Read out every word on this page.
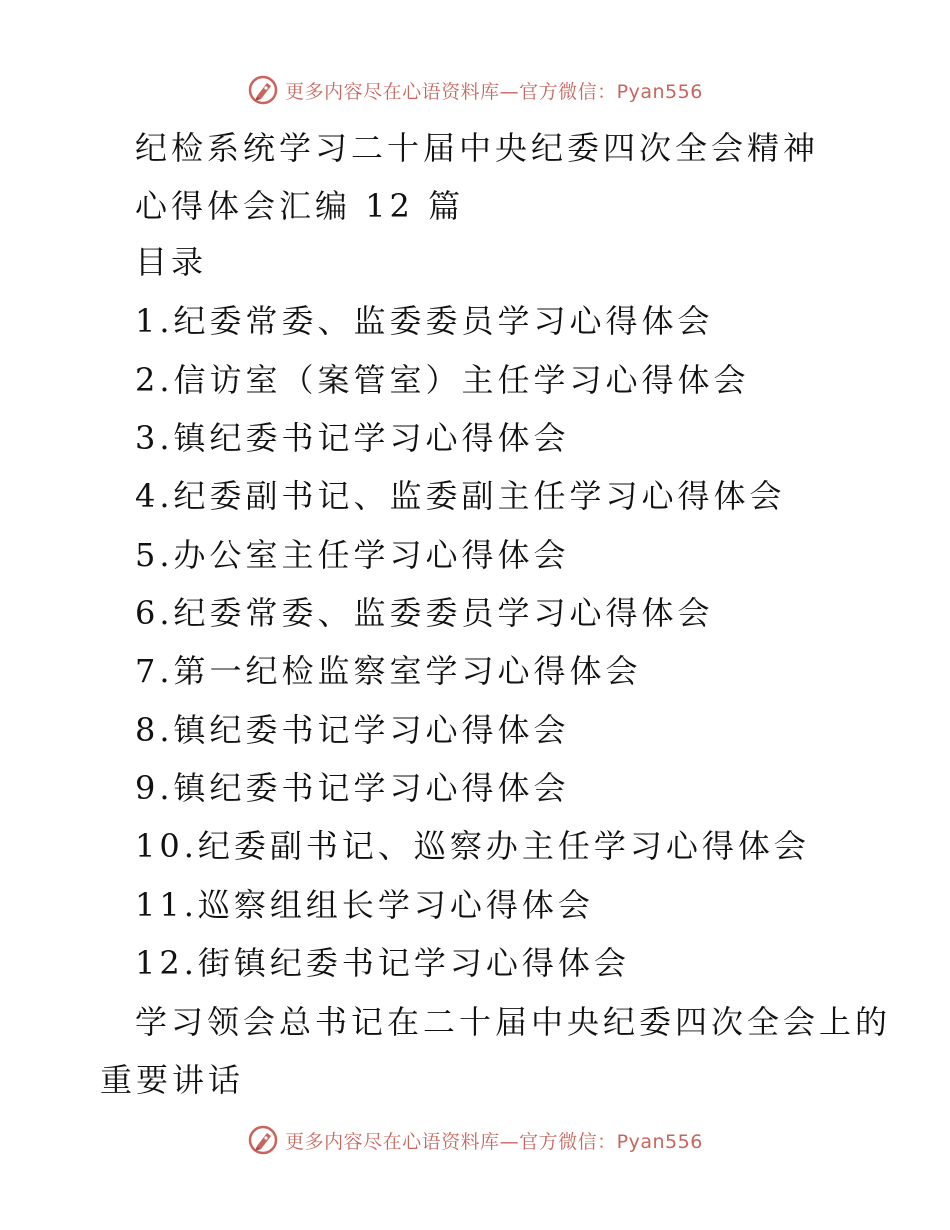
更多内容尽在心语资料库—官方微信：Pyan556
纪检系统学习二十届中央纪委四次全会精神
心得体会汇编 12 篇
目录
1.纪委常委、监委委员学习心得体会
2.信访室（案管室）主任学习心得体会
3.镇纪委书记学习心得体会
4.纪委副书记、监委副主任学习心得体会
5.办公室主任学习心得体会
6.纪委常委、监委委员学习心得体会
7.第一纪检监察室学习心得体会
8.镇纪委书记学习心得体会
9.镇纪委书记学习心得体会
10.纪委副书记、巡察办主任学习心得体会
11.巡察组组长学习心得体会
12.街镇纪委书记学习心得体会
学习领会总书记在二十届中央纪委四次全会上的
重要讲话
更多内容尽在心语资料库—官方微信：Pyan556
